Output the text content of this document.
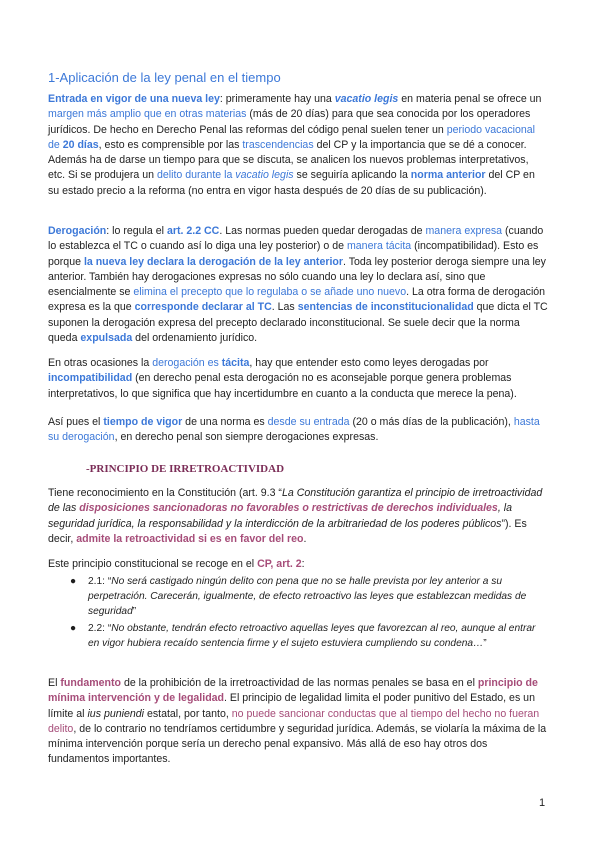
1-Aplicación de la ley penal en el tiempo

Entrada en vigor de una nueva ley: primeramente hay una vacatio legis en materia penal se ofrece un margen más amplio que en otras materias (más de 20 días) para que sea conocida por los operadores jurídicos. De hecho en Derecho Penal las reformas del código penal suelen tener un periodo vacacional de 20 días, esto es comprensible por las trascendencias del CP y la importancia que se dé a conocer. Además ha de darse un tiempo para que se discuta, se analicen los nuevos problemas interpretativos, etc. Si se produjera un delito durante la vacatio legis se seguiría aplicando la norma anterior del CP en su estado precio a la reforma (no entra en vigor hasta después de 20 días de su publicación).

Derogación: lo regula el art. 2.2 CC. Las normas pueden quedar derogadas de manera expresa (cuando lo establezca el TC o cuando así lo diga una ley posterior) o de manera tácita (incompatibilidad). Esto es porque la nueva ley declara la derogación de la ley anterior. Toda ley posterior deroga siempre una ley anterior. También hay derogaciones expresas no sólo cuando una ley lo declara así, sino que esencialmente se elimina el precepto que lo regulaba o se añade uno nuevo. La otra forma de derogación expresa es la que corresponde declarar al TC. Las sentencias de inconstitucionalidad que dicta el TC suponen la derogación expresa del precepto declarado inconstitucional. Se suele decir que la norma queda expulsada del ordenamiento jurídico.

En otras ocasiones la derogación es tácita, hay que entender esto como leyes derogadas por incompatibilidad (en derecho penal esta derogación no es aconsejable porque genera problemas interpretativos, lo que significa que hay incertidumbre en cuanto a la conducta que merece la pena).

Así pues el tiempo de vigor de una norma es desde su entrada (20 o más días de la publicación), hasta su derogación, en derecho penal son siempre derogaciones expresas.

-PRINCIPIO DE IRRETROACTIVIDAD

Tiene reconocimiento en la Constitución (art. 9.3 “La Constitución garantiza el principio de irretroactividad de las disposiciones sancionadoras no favorables o restrictivas de derechos individuales, la seguridad jurídica, la responsabilidad y la interdicción de la arbitrariedad de los poderes públicos”). Es decir, admite la retroactividad si es en favor del reo.

Este principio constitucional se recoge en el CP, art. 2:

● 2.1: “No será castigado ningún delito con pena que no se halle prevista por ley anterior a su perpetración. Carecerán, igualmente, de efecto retroactivo las leyes que establezcan medidas de seguridad”
● 2.2: “No obstante, tendrán efecto retroactivo aquellas leyes que favorezcan al reo, aunque al entrar en vigor hubiera recaído sentencia firme y el sujeto estuviera cumpliendo su condena…”

El fundamento de la prohibición de la irretroactividad de las normas penales se basa en el principio de mínima intervención y de legalidad. El principio de legalidad limita el poder punitivo del Estado, es un límite al ius puniendi estatal, por tanto, no puede sancionar conductas que al tiempo del hecho no fueran delito, de lo contrario no tendríamos certidumbre y seguridad jurídica. Además, se violaría la máxima de la mínima intervención porque sería un derecho penal expansivo. Más allá de eso hay otros dos fundamentos importantes.

1
